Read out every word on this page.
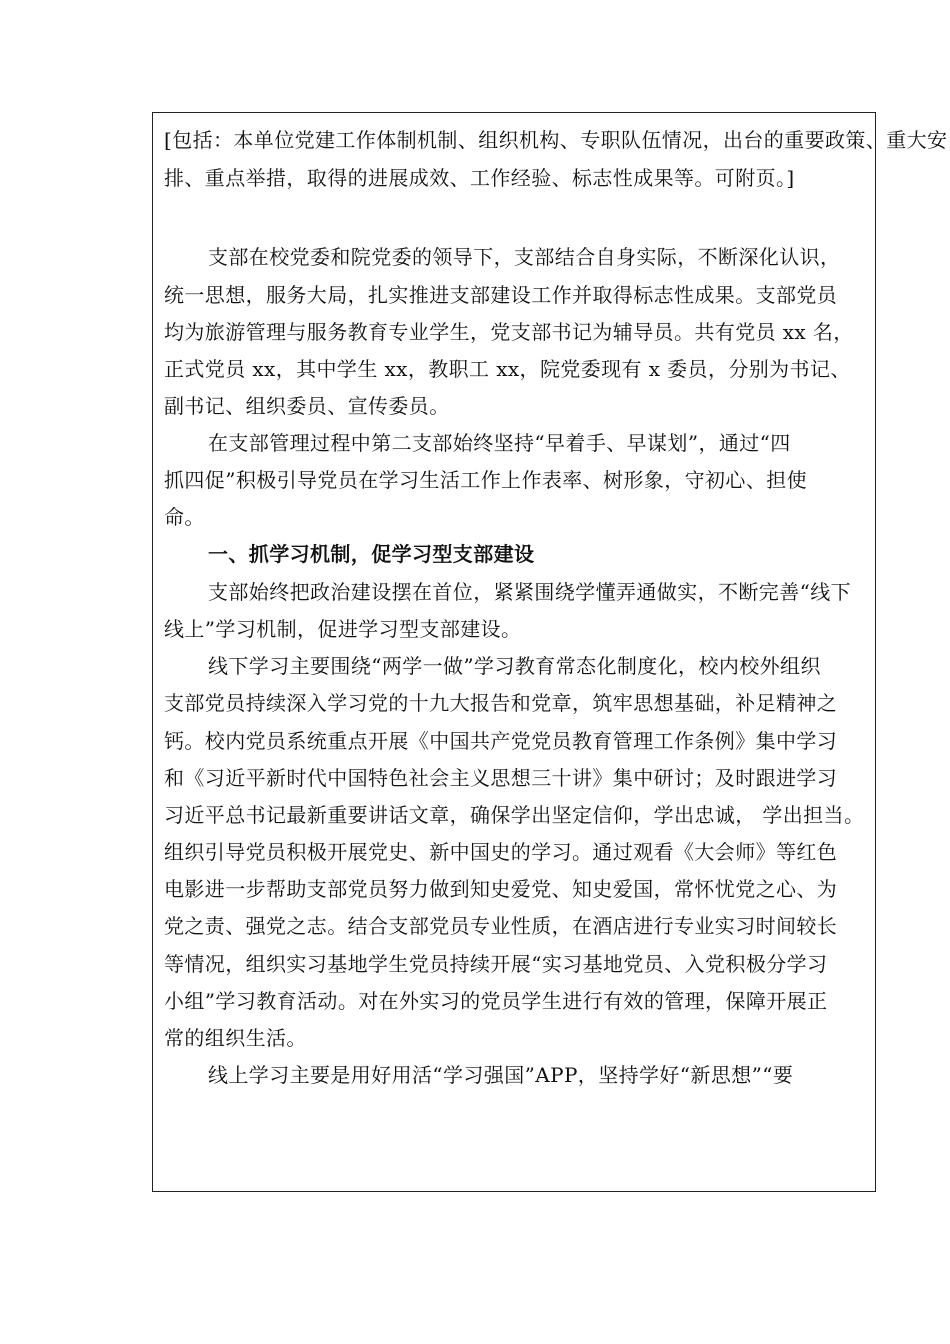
[包括：本单位党建工作体制机制、组织机构、专职队伍情况，出台的重要政策、重大安
排、重点举措，取得的进展成效、工作经验、标志性成果等。可附页。]
支部在校党委和院党委的领导下，支部结合自身实际，不断深化认识，
统一思想，服务大局，扎实推进支部建设工作并取得标志性成果。支部党员
均为旅游管理与服务教育专业学生，党支部书记为辅导员。共有党员 xx 名，
正式党员 xx，其中学生 xx，教职工 xx，院党委现有 x 委员，分别为书记、
副书记、组织委员、宣传委员。
在支部管理过程中第二支部始终坚持“早着手、早谋划”，通过“四
抓四促”积极引导党员在学习生活工作上作表率、树形象，守初心、担使
命。
一、抓学习机制，促学习型支部建设
支部始终把政治建设摆在首位，紧紧围绕学懂弄通做实，不断完善“线下
线上”学习机制，促进学习型支部建设。
线下学习主要围绕“两学一做”学习教育常态化制度化，校内校外组织
支部党员持续深入学习党的十九大报告和党章，筑牢思想基础，补足精神之
钙。校内党员系统重点开展《中国共产党党员教育管理工作条例》集中学习
和《习近平新时代中国特色社会主义思想三十讲》集中研讨；及时跟进学习
习近平总书记最新重要讲话文章，确保学出坚定信仰，学出忠诚， 学出担当。
组织引导党员积极开展党史、新中国史的学习。通过观看《大会师》等红色
电影进一步帮助支部党员努力做到知史爱党、知史爱国，常怀忧党之心、为
党之责、强党之志。结合支部党员专业性质，在酒店进行专业实习时间较长
等情况，组织实习基地学生党员持续开展“实习基地党员、入党积极分学习
小组”学习教育活动。对在外实习的党员学生进行有效的管理，保障开展正
常的组织生活。
线上学习主要是用好用活“学习强国”APP，坚持学好“新思想”“要
